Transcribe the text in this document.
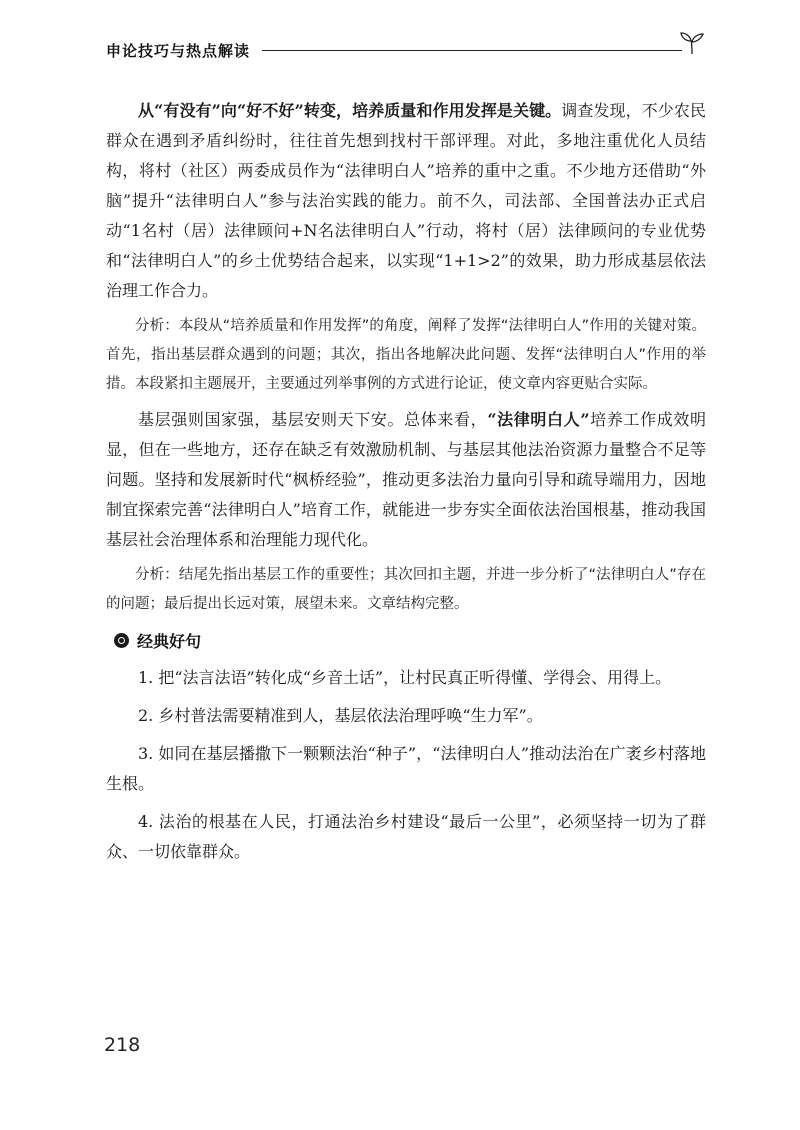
申论技巧与热点解读

从“有没有”向“好不好”转变，培养质量和作用发挥是关键。调查发现，不少农民群众在遇到矛盾纠纷时，往往首先想到找村干部评理。对此，多地注重优化人员结构，将村（社区）两委成员作为“法律明白人”培养的重中之重。不少地方还借助“外脑”提升“法律明白人”参与法治实践的能力。前不久，司法部、全国普法办正式启动“1名村（居）法律顾问+N名法律明白人”行动，将村（居）法律顾问的专业优势和“法律明白人”的乡土优势结合起来，以实现“1+1>2”的效果，助力形成基层依法治理工作合力。

分析：本段从“培养质量和作用发挥”的角度，阐释了发挥“法律明白人”作用的关键对策。首先，指出基层群众遇到的问题；其次，指出各地解决此问题、发挥“法律明白人”作用的举措。本段紧扣主题展开，主要通过列举事例的方式进行论证，使文章内容更贴合实际。

基层强则国家强，基层安则天下安。总体来看，“法律明白人”培养工作成效明显，但在一些地方，还存在缺乏有效激励机制、与基层其他法治资源力量整合不足等问题。坚持和发展新时代“枫桥经验”，推动更多法治力量向引导和疏导端用力，因地制宜探索完善“法律明白人”培育工作，就能进一步夯实全面依法治国根基，推动我国基层社会治理体系和治理能力现代化。

分析：结尾先指出基层工作的重要性；其次回扣主题，并进一步分析了“法律明白人”存在的问题；最后提出长远对策，展望未来。文章结构完整。

经典好句

1. 把“法言法语”转化成“乡音土话”，让村民真正听得懂、学得会、用得上。

2. 乡村普法需要精准到人，基层依法治理呼唤“生力军”。

3. 如同在基层播撒下一颗颗法治“种子”，“法律明白人”推动法治在广袤乡村落地生根。

4. 法治的根基在人民，打通法治乡村建设“最后一公里”，必须坚持一切为了群众、一切依靠群众。

218
